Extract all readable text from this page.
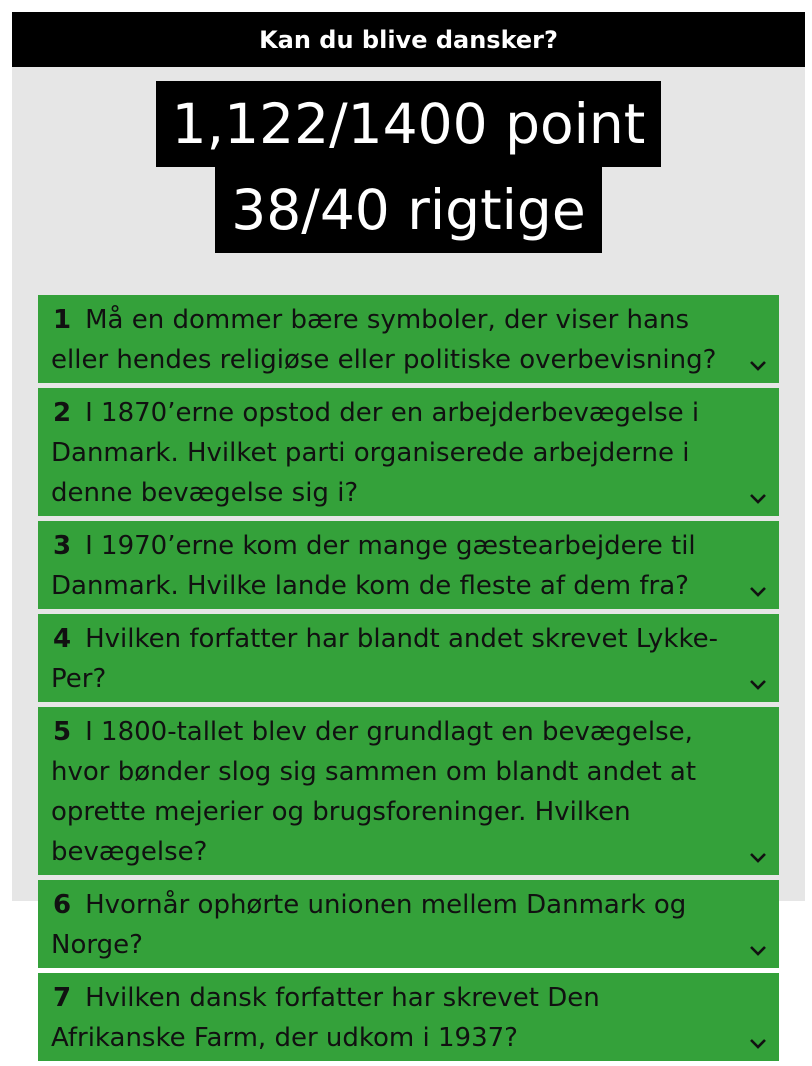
Kan du blive dansker?
1,122/1400 point
38/40 rigtige
1 Må en dommer bære symboler, der viser hans eller hendes religiøse eller politiske overbevisning?
2 I 1870’erne opstod der en arbejderbevægelse i Danmark. Hvilket parti organiserede arbejderne i denne bevægelse sig i?
3 I 1970’erne kom der mange gæstearbejdere til Danmark. Hvilke lande kom de fleste af dem fra?
4 Hvilken forfatter har blandt andet skrevet Lykke-Per?
5 I 1800-tallet blev der grundlagt en bevægelse, hvor bønder slog sig sammen om blandt andet at oprette mejerier og brugsforeninger. Hvilken bevægelse?
6 Hvornår ophørte unionen mellem Danmark og Norge?
7 Hvilken dansk forfatter har skrevet Den Afrikanske Farm, der udkom i 1937?
